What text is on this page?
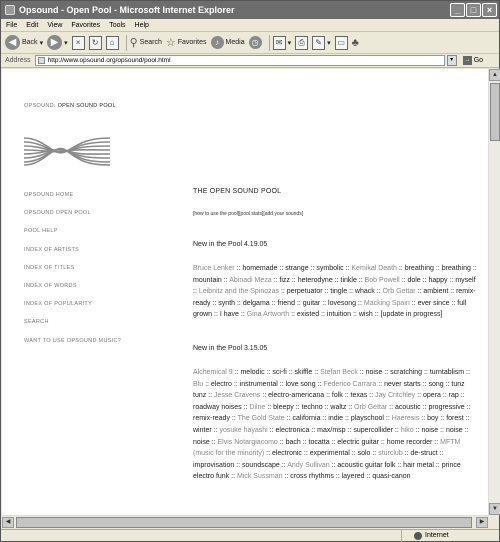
Opsound - Open Pool - Microsoft Internet Explorer	_	□	×
File Edit View Favorites Tools Help
◀ Back ▾ ▶ ▾	×	↻	⌂	⚲ Search ☆ Favorites	♪ Media ◷	✉ ▾ ⎙	✎ ▾ ▭ ♣
Address	http://www.opsound.org/opsound/pool.html	▾	→ Go
OPSOUND: OPEN SOUND POOL
OPSOUND HOME
OPSOUND OPEN POOL
POOL HELP
INDEX OF ARTISTS
INDEX OF TITLES
INDEX OF WORDS
INDEX OF POPULARITY
SEARCH
WANT TO USE OPSOUND MUSIC?
THE OPEN SOUND POOL
[how to use the pool][pool stats][add your sounds]
New in the Pool 4.19.05
Bruce Lenker :: homemade :: strange :: symbolic :: Kemikal Death :: breathing :: breathing :: mountain :: Abinadi Meza :: fizz :: heterodyne :: tinkle :: Bob Powell :: dole :: happy :: myself :: Leibnitz and the Spinozas :: perpetuator :: tingle :: whack :: Orb Gettar :: ambient :: remix-ready :: synth :: delgama :: friend :: guitar :: lovesong :: Macking Spain :: ever since :: full grown :: I have :: Gina Artworth :: existed :: intuition :: wish :: [update in progress]
New in the Pool 3.15.05
Alchemical 9 :: melodic :: sci-fi :: skiffle :: Stefan Beck :: noise :: scratching :: turntablism :: Blu :: electro :: instrumental :: love song :: Federico Carrara :: never starts :: song :: tunz tunz :: Jesse Cravens :: electro-americana :: folk :: texas :: Jay Critchley :: opera :: rap :: roadway noises :: Dilne :: bleepy :: techno :: waltz :: Orb Gettar :: acoustic :: progressive :: remix-ready :: The Gold State :: california :: indie :: playschool :: Haeresis :: boy :: forest :: winter :: yosuke hayashi :: electronica :: max/msp :: supercollider :: hiko :: noise :: noise :: noise :: Elvis Notargiacomo :: bach :: tocatta :: electric guitar :: home recorder :: MFTM (music for the minority) :: electronic :: experimental :: solo :: sturclub :: de-struct :: improvisation :: soundscape :: Andy Sullivan :: acoustic guitar folk :: hair metal :: prince electro funk :: Mick Sussman :: cross rhythms :: layered :: quasi-canon
▲
▼
◀	▶
Internet
